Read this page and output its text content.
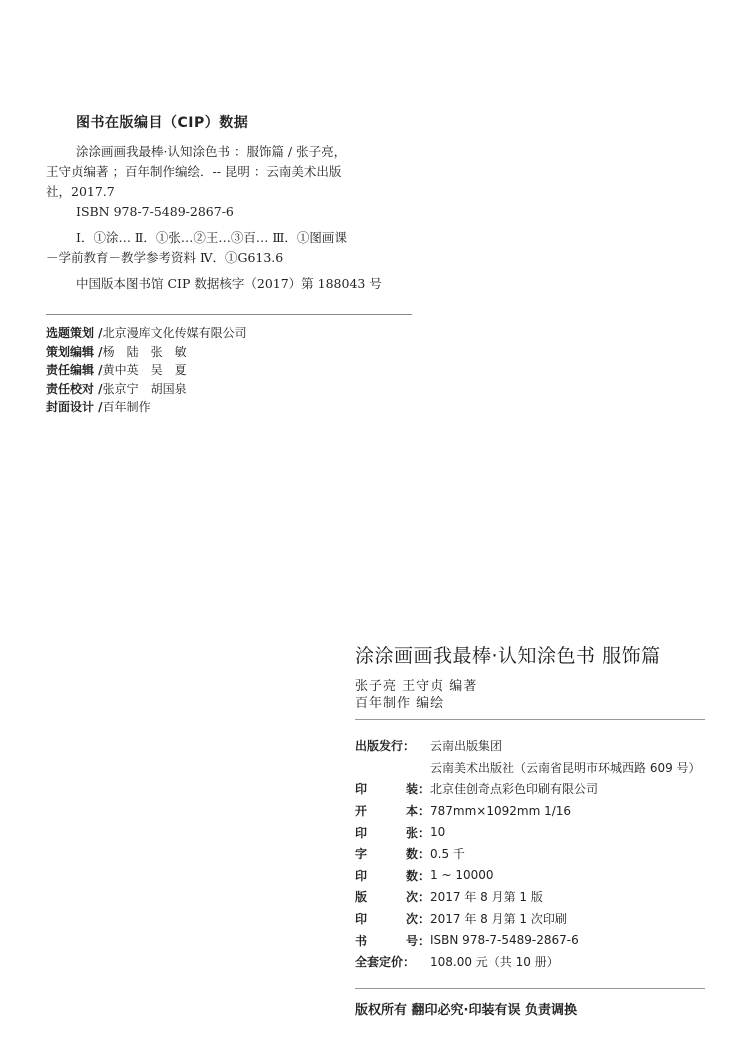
图书在版编目（CIP）数据

涂涂画画我最棒·认知涂色书 ：服饰篇 / 张子亮，

王守贞编著 ；百年制作编绘．-- 昆明 ：云南美术出版

社，2017.7

ISBN 978-7-5489-2867-6

Ⅰ．①涂… Ⅱ．①张…②王…③百… Ⅲ．①图画课

－学前教育－教学参考资料 Ⅳ．①G613.6

中国版本图书馆 CIP 数据核字（2017）第 188043 号

选题策划 /北京漫库文化传媒有限公司
策划编辑 /杨　陆　张　敏
责任编辑 /黄中英　吴　夏
责任校对 /张京宁　胡国泉
封面设计 /百年制作
涂涂画画我最棒·认知涂色书 服饰篇
张子亮 王守贞 编著
百年制作 编绘
出版发行：	云南出版集团
云南美术出版社（云南省昆明市环城西路 609 号）
印	装： 北京佳创奇点彩色印刷有限公司
开	本： 787mm×1092mm 1/16
印	张： 10
字	数： 0.5 千
印	数： 1 ~ 10000
版	次： 2017 年 8 月第 1 版
印	次： 2017 年 8 月第 1 次印刷
书	号： ISBN 978-7-5489-2867-6
全套定价：	108.00 元（共 10 册）
版权所有 翻印必究·印装有误 负责调换
